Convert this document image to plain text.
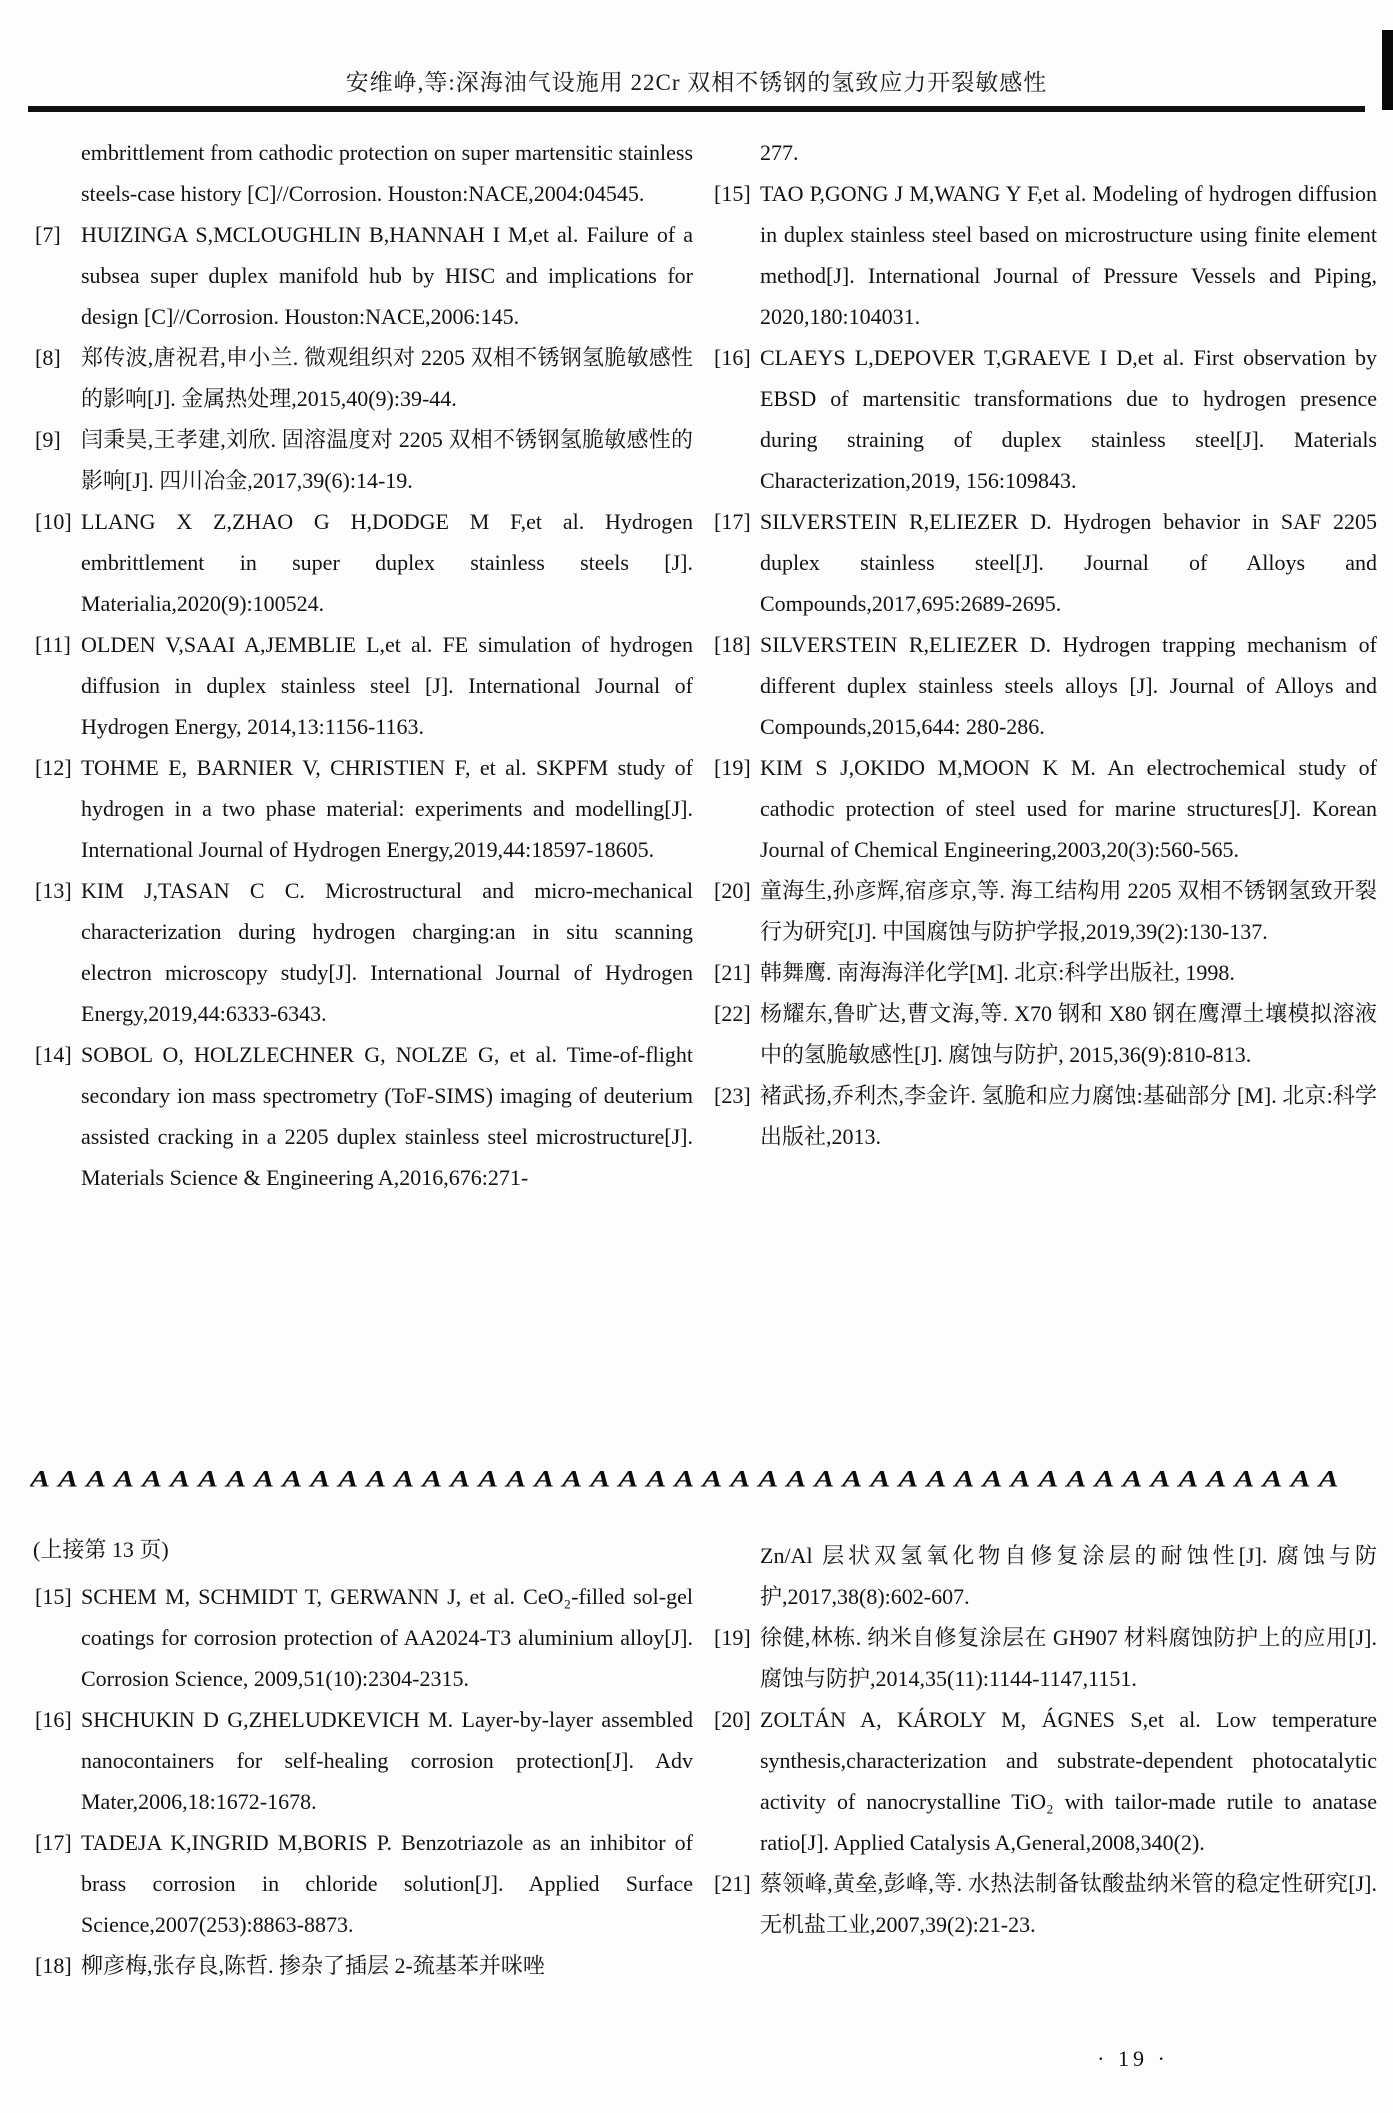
安维峥,等:深海油气设施用 22Cr 双相不锈钢的氢致应力开裂敏感性
embrittlement from cathodic protection on super martensitic stainless steels-case history [C]//Corrosion. Houston:NACE,2004:04545.
[7] HUIZINGA S,MCLOUGHLIN B,HANNAH I M,et al. Failure of a subsea super duplex manifold hub by HISC and implications for design [C]//Corrosion. Houston:NACE,2006:145.
[8] 郑传波,唐祝君,申小兰. 微观组织对 2205 双相不锈钢氢脆敏感性的影响[J]. 金属热处理,2015,40(9):39-44.
[9] 闫秉昊,王孝建,刘欣. 固溶温度对 2205 双相不锈钢氢脆敏感性的影响[J]. 四川冶金,2017,39(6):14-19.
[10] LLANG X Z,ZHAO G H,DODGE M F,et al. Hydrogen embrittlement in super duplex stainless steels [J]. Materialia,2020(9):100524.
[11] OLDEN V,SAAI A,JEMBLIE L,et al. FE simulation of hydrogen diffusion in duplex stainless steel [J]. International Journal of Hydrogen Energy, 2014,13:1156-1163.
[12] TOHME E, BARNIER V, CHRISTIEN F, et al. SKPFM study of hydrogen in a two phase material: experiments and modelling[J]. International Journal of Hydrogen Energy,2019,44:18597-18605.
[13] KIM J,TASAN C C. Microstructural and micro-mechanical characterization during hydrogen charging:an in situ scanning electron microscopy study[J]. International Journal of Hydrogen Energy,2019,44:6333-6343.
[14] SOBOL O, HOLZLECHNER G, NOLZE G, et al. Time-of-flight secondary ion mass spectrometry (ToF-SIMS) imaging of deuterium assisted cracking in a 2205 duplex stainless steel microstructure[J]. Materials Science & Engineering A,2016,676:271-
277.
[15] TAO P,GONG J M,WANG Y F,et al. Modeling of hydrogen diffusion in duplex stainless steel based on microstructure using finite element method[J]. International Journal of Pressure Vessels and Piping, 2020,180:104031.
[16] CLAEYS L,DEPOVER T,GRAEVE I D,et al. First observation by EBSD of martensitic transformations due to hydrogen presence during straining of duplex stainless steel[J]. Materials Characterization,2019, 156:109843.
[17] SILVERSTEIN R,ELIEZER D. Hydrogen behavior in SAF 2205 duplex stainless steel[J]. Journal of Alloys and Compounds,2017,695:2689-2695.
[18] SILVERSTEIN R,ELIEZER D. Hydrogen trapping mechanism of different duplex stainless steels alloys [J]. Journal of Alloys and Compounds,2015,644: 280-286.
[19] KIM S J,OKIDO M,MOON K M. An electrochemical study of cathodic protection of steel used for marine structures[J]. Korean Journal of Chemical Engineering,2003,20(3):560-565.
[20] 童海生,孙彦辉,宿彦京,等. 海工结构用 2205 双相不锈钢氢致开裂行为研究[J]. 中国腐蚀与防护学报,2019,39(2):130-137.
[21] 韩舞鹰. 南海海洋化学[M]. 北京:科学出版社, 1998.
[22] 杨耀东,鲁旷达,曹文海,等. X70 钢和 X80 钢在鹰潭土壤模拟溶液中的氢脆敏感性[J]. 腐蚀与防护, 2015,36(9):810-813.
[23] 褚武扬,乔利杰,李金许. 氢脆和应力腐蚀:基础部分 [M]. 北京:科学出版社,2013.
AAAAAAAAAAAAAAAAAAAAAAAAAAAAAAAAAAAAAAAAAAAAAAA
(上接第 13 页)
[15] SCHEM M, SCHMIDT T, GERWANN J, et al. CeO₂-filled sol-gel coatings for corrosion protection of AA2024-T3 aluminium alloy[J]. Corrosion Science, 2009,51(10):2304-2315.
[16] SHCHUKIN D G,ZHELUDKEVICH M. Layer-by-layer assembled nanocontainers for self-healing corrosion protection[J]. Adv Mater,2006,18:1672-1678.
[17] TADEJA K,INGRID M,BORIS P. Benzotriazole as an inhibitor of brass corrosion in chloride solution[J]. Applied Surface Science,2007(253):8863-8873.
[18] 柳彦梅,张存良,陈哲. 掺杂了插层 2-巯基苯并咪唑
Zn/Al 层状双氢氧化物自修复涂层的耐蚀性[J]. 腐蚀与防护,2017,38(8):602-607.
[19] 徐健,林栋. 纳米自修复涂层在 GH907 材料腐蚀防护上的应用[J]. 腐蚀与防护,2014,35(11):1144-1147,1151.
[20] ZOLTÁN A, KÁROLY M, ÁGNES S,et al. Low temperature synthesis,characterization and substrate-dependent photocatalytic activity of nanocrystalline TiO₂ with tailor-made rutile to anatase ratio[J]. Applied Catalysis A,General,2008,340(2).
[21] 蔡领峰,黄垒,彭峰,等. 水热法制备钛酸盐纳米管的稳定性研究[J]. 无机盐工业,2007,39(2):21-23.
· 19 ·
